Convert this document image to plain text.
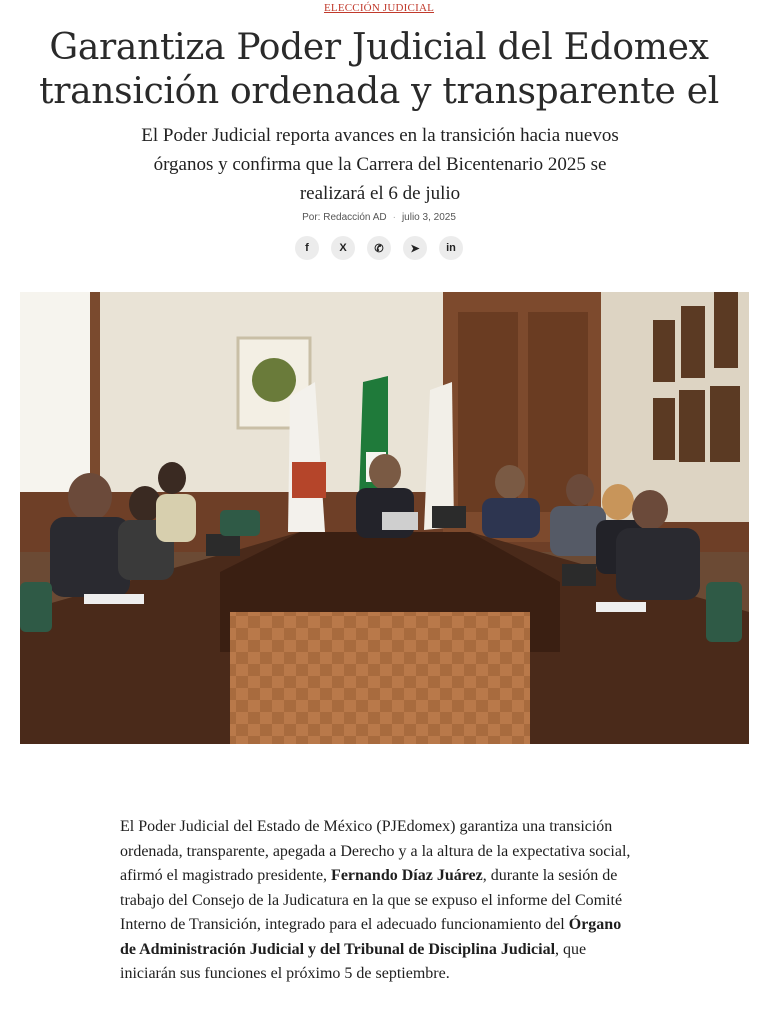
ELECCIÓN JUDICIAL
Garantiza Poder Judicial del Edomex
transición ordenada y transparente el

El Poder Judicial reporta avances en la transición hacia nuevos órganos y confirma que la Carrera del Bicentenario 2025 se realizará el 6 de julio

Por: Redacción AD · julio 3, 2025
f	X	✆	➤	in

El Poder Judicial del Estado de México (PJEdomex) garantiza una transición ordenada, transparente, apegada a Derecho y a la altura de la expectativa social, afirmó el magistrado presidente, Fernando Díaz Juárez, durante la sesión de trabajo del Consejo de la Judicatura en la que se expuso el informe del Comité Interno de Transición, integrado para el adecuado funcionamiento del Órgano de Administración Judicial y del Tribunal de Disciplina Judicial, que iniciarán sus funciones el próximo 5 de septiembre.
